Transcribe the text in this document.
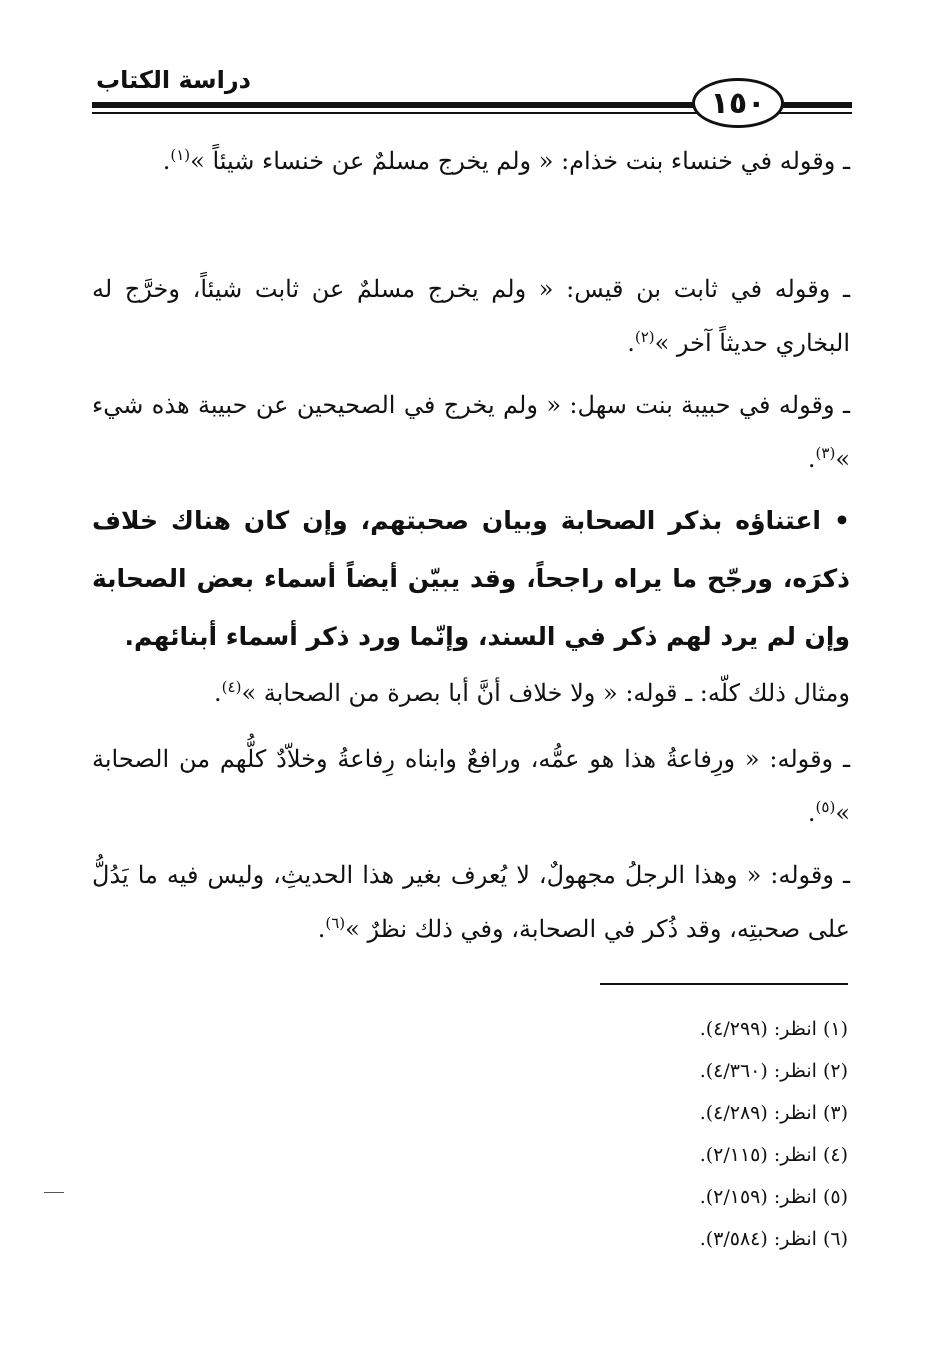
دراسة الكتاب
١٥٠

ـ وقوله في خنساء بنت خذام: « ولم يخرج مسلمٌ عن خنساء شيئاً »$^{(١)}$.

ـ وقوله في ثابت بن قيس: « ولم يخرج مسلمٌ عن ثابت شيئاً، وخرَّج له البخاري حديثاً آخر »$^{(٢)}$.

ـ وقوله في حبيبة بنت سهل: « ولم يخرج في الصحيحين عن حبيبة هذه شيء »$^{(٣)}$.

• اعتناؤه بذكر الصحابة وبيان صحبتهم، وإن كان هناك خلاف ذكرَه، ورجّح ما يراه راجحاً، وقد يبيّن أيضاً أسماء بعض الصحابة وإن لم يرد لهم ذكر في السند، وإنّما ورد ذكر أسماء أبنائهم.

ومثال ذلك كلّه: ـ قوله: « ولا خلاف أنَّ أبا بصرة من الصحابة »$^{(٤)}$.

ـ وقوله: « ورِفاعةُ هذا هو عمُّه، ورافعٌ وابناه رِفاعةُ وخلاّدٌ كلُّهم من الصحابة »$^{(٥)}$.

ـ وقوله: « وهذا الرجلُ مجهولٌ، لا يُعرف بغير هذا الحديثِ، وليس فيه ما يَدُلُّ على صحبتِه، وقد ذُكر في الصحابة، وفي ذلك نظرٌ »$^{(٦)}$.

(١) انظر: (٤/٢٩٩).
(٢) انظر: (٤/٣٦٠).
(٣) انظر: (٤/٢٨٩).
(٤) انظر: (٢/١١٥).
(٥) انظر: (٢/١٥٩).
(٦) انظر: (٣/٥٨٤).
